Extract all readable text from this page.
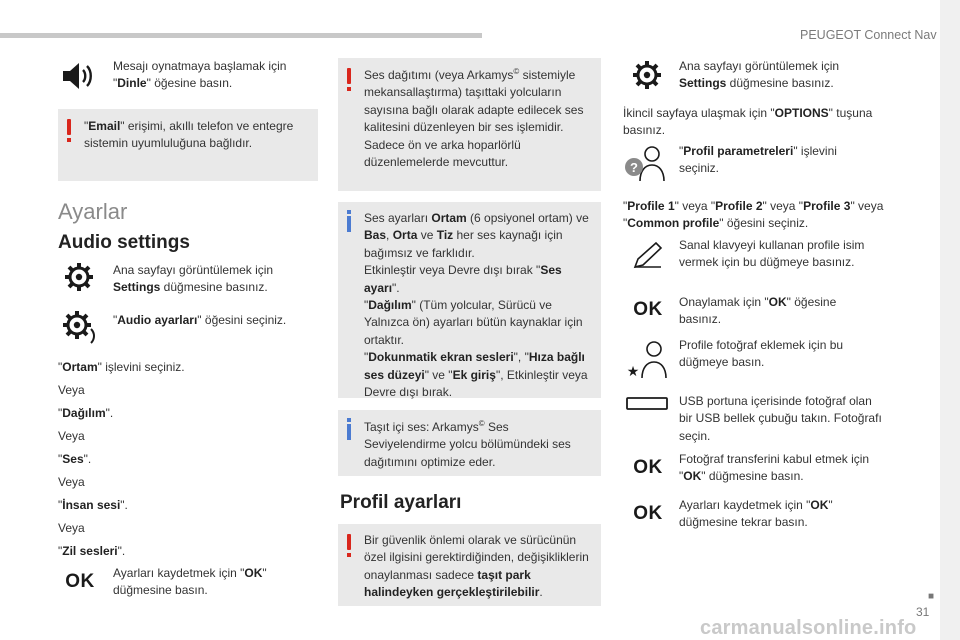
PEUGEOT Connect Nav
■
31
carmanualsonline.info
Mesajı oynatmaya başlamak için "Dinle" öğesine basın.
"Email" erişimi, akıllı telefon ve entegre sistemin uyumluluğuna bağlıdır.
Ayarlar
Audio settings
Ana sayfayı görüntülemek için Settings düğmesine basınız.
"Audio ayarları" öğesini seçiniz.
"Ortam" işlevini seçiniz.
Veya
"Dağılım".
Veya
"Ses".
Veya
"İnsan sesi".
Veya
"Zil sesleri".
OK Ayarları kaydetmek için "OK" düğmesine basın.
Ses dağıtımı (veya Arkamys© sistemiyle mekansallaştırma) taşıttaki yolcuların sayısına bağlı olarak adapte edilecek ses kalitesini düzenleyen bir ses işlemidir. Sadece ön ve arka hoparlörlü düzenlemelerde mevcuttur.

Ses ayarları Ortam (6 opsiyonel ortam) ve Bas, Orta ve Tiz her ses kaynağı için bağımsız ve farklıdır.

Etkinleştir veya Devre dışı bırak "Ses ayarı".

"Dağılım" (Tüm yolcular, Sürücü ve Yalnızca ön) ayarları bütün kaynaklar için ortaktır.

"Dokunmatik ekran sesleri", "Hıza bağlı ses düzeyi" ve "Ek giriş", Etkinleştir veya Devre dışı bırak.

Taşıt içi ses: Arkamys© Ses Seviyelendirme yolcu bölümündeki ses dağıtımını optimize eder.
Profil ayarları
Bir güvenlik önlemi olarak ve sürücünün özel ilgisini gerektirdiğinden, değişikliklerin onaylanması sadece taşıt park halindeyken gerçekleştirilebilir.
Ana sayfayı görüntülemek için Settings düğmesine basınız.
İkincil sayfaya ulaşmak için "OPTIONS" tuşuna basınız.
?
"Profil parametreleri" işlevini seçiniz.
"Profile 1" veya "Profile 2" veya "Profile 3" veya "Common profile" öğesini seçiniz.
Sanal klavyeyi kullanan profile isim vermek için bu düğmeye basınız.
OK	Onaylamak için "OK" öğesine basınız.
★
Profile fotoğraf eklemek için bu düğmeye basın.
USB portuna içerisinde fotoğraf olan bir USB bellek çubuğu takın. Fotoğrafı seçin.
OK	Fotoğraf transferini kabul etmek için "OK" düğmesine basın.
OK	Ayarları kaydetmek için "OK" düğmesine tekrar basın.
